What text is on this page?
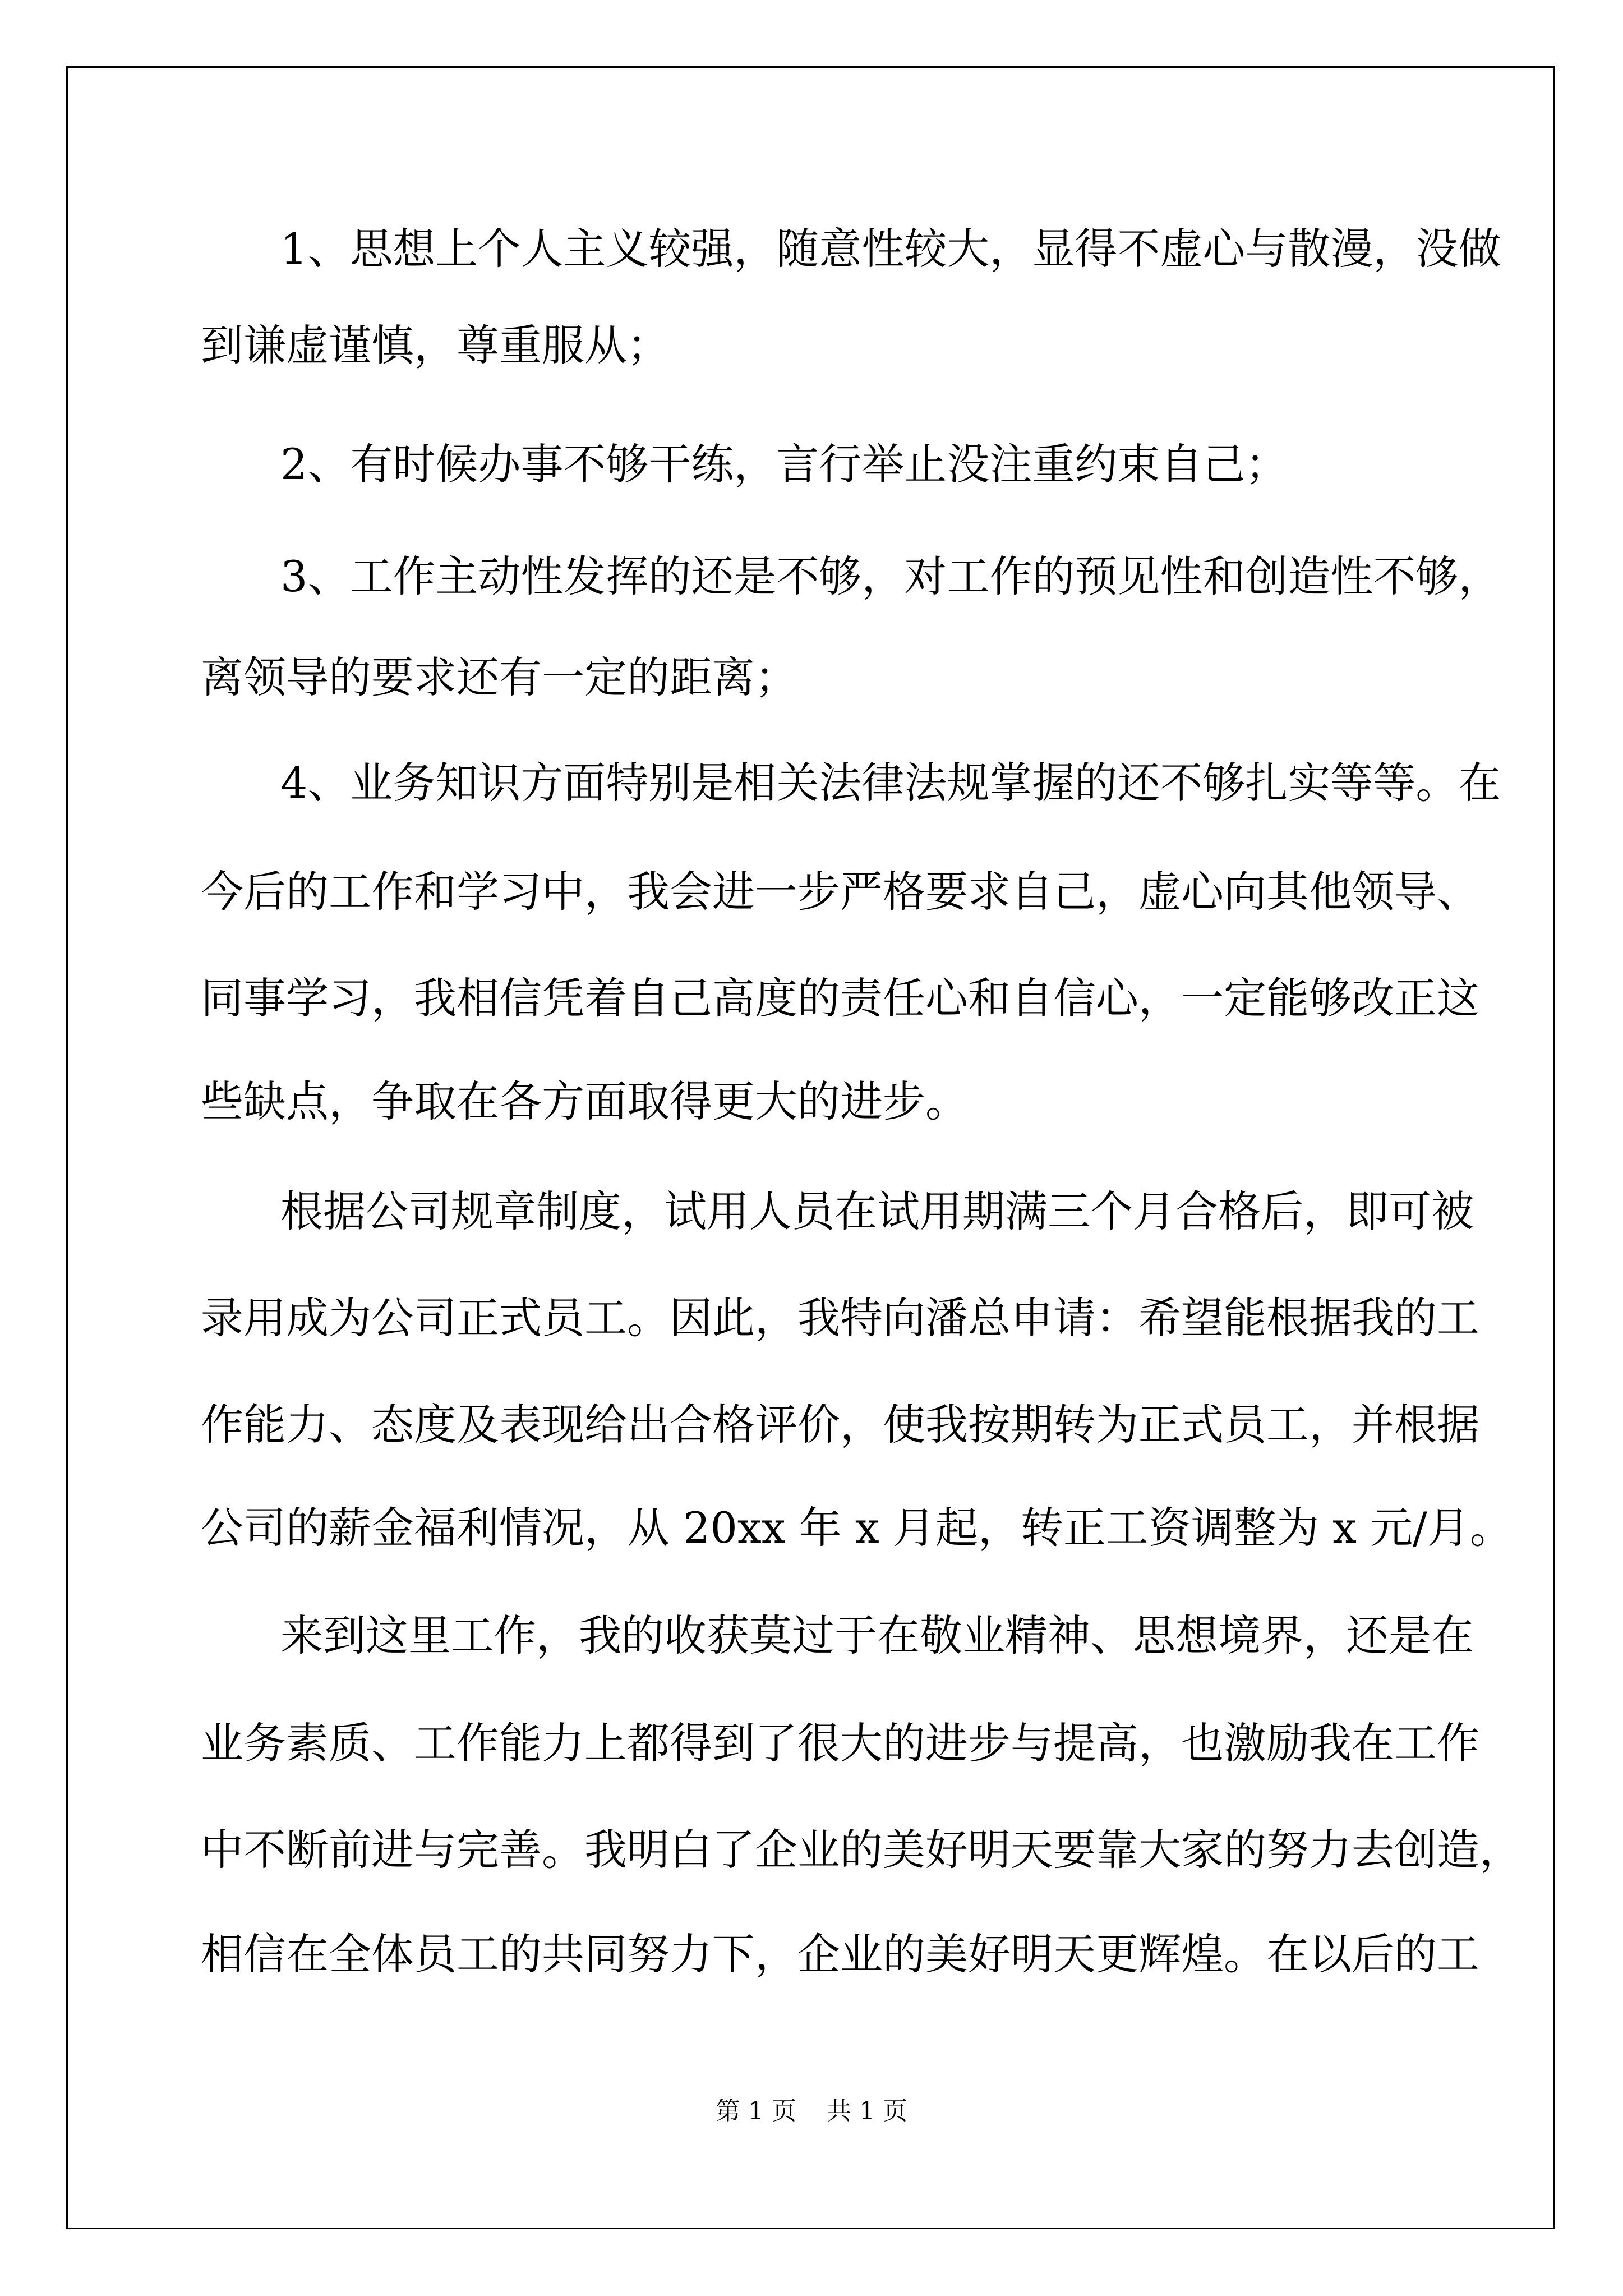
1、思想上个人主义较强，随意性较大，显得不虚心与散漫，没做
到谦虚谨慎，尊重服从；
2、有时候办事不够干练，言行举止没注重约束自己；
3、工作主动性发挥的还是不够，对工作的预见性和创造性不够，
离领导的要求还有一定的距离；
4、业务知识方面特别是相关法律法规掌握的还不够扎实等等。在
今后的工作和学习中，我会进一步严格要求自己，虚心向其他领导、
同事学习，我相信凭着自己高度的责任心和自信心，一定能够改正这
些缺点，争取在各方面取得更大的进步。
根据公司规章制度，试用人员在试用期满三个月合格后，即可被
录用成为公司正式员工。因此，我特向潘总申请：希望能根据我的工
作能力、态度及表现给出合格评价，使我按期转为正式员工，并根据
公司的薪金福利情况，从 20xx 年 x 月起，转正工资调整为 x 元/月。
来到这里工作，我的收获莫过于在敬业精神、思想境界，还是在
业务素质、工作能力上都得到了很大的进步与提高，也激励我在工作
中不断前进与完善。我明白了企业的美好明天要靠大家的努力去创造，
相信在全体员工的共同努力下，企业的美好明天更辉煌。在以后的工
第 1 页 共 1 页
